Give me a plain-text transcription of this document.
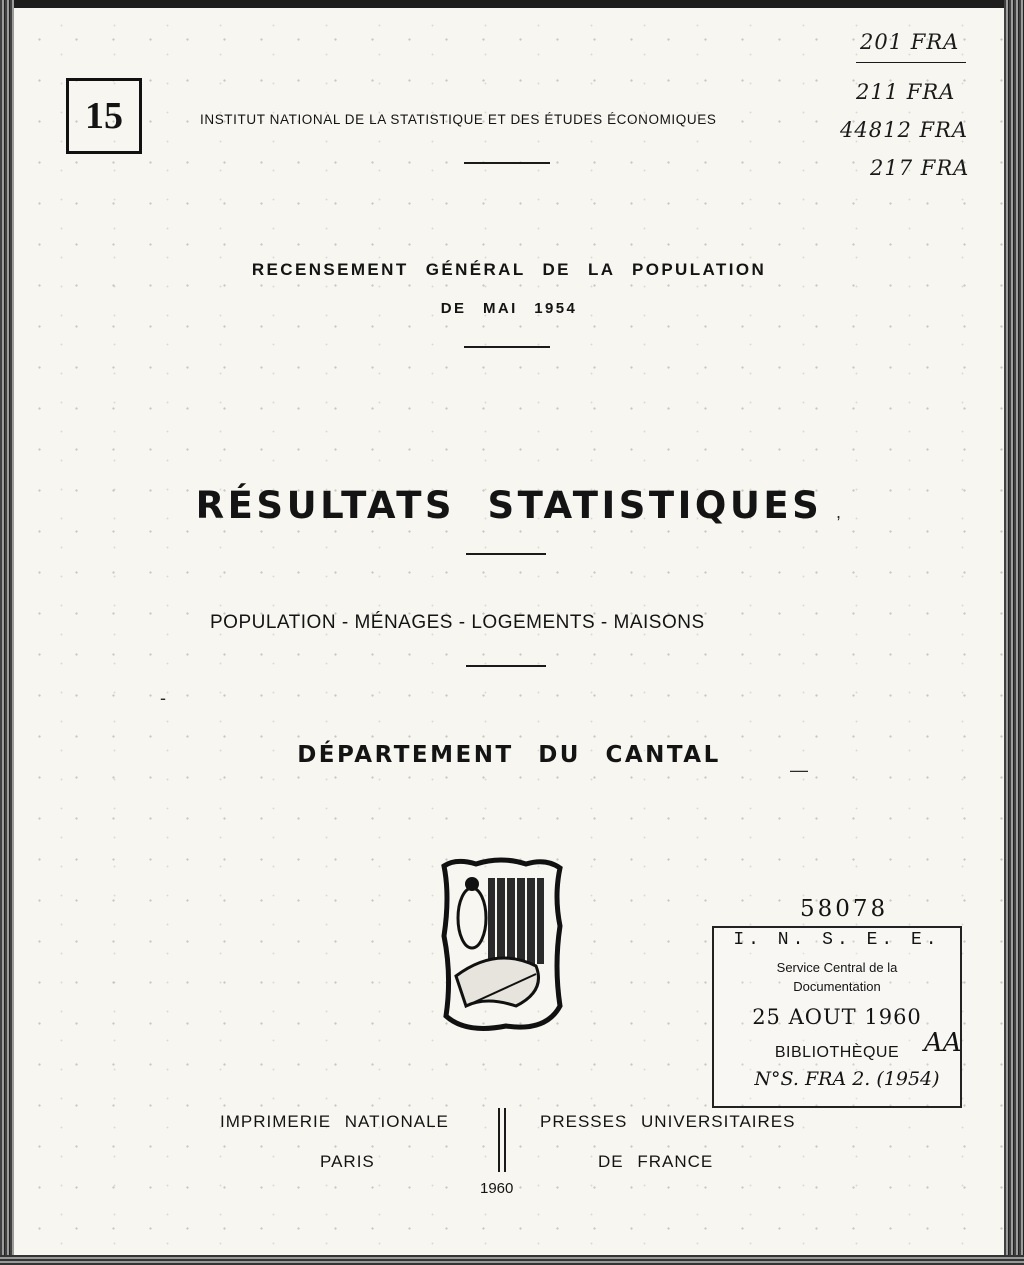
15	INSTITUT NATIONAL DE LA STATISTIQUE ET DES ÉTUDES ÉCONOMIQUES
201 FRA
211 FRA
44812 FRA
217 FRA
RECENSEMENT GÉNÉRAL DE LA POPULATION
DE MAI 1954
RÉSULTATS STATISTIQUES
POPULATION - MÉNAGES - LOGEMENTS - MAISONS
DÉPARTEMENT DU CANTAL
58078
I. N. S. E. E.
Service Central de la
Documentation
25 AOUT 1960
BIBLIOTHÈQUE
N°S. FRA 2. (1954)
AA
IMPRIMERIE NATIONALE
PARIS
PRESSES UNIVERSITAIRES
DE FRANCE
1960
,
-
—
